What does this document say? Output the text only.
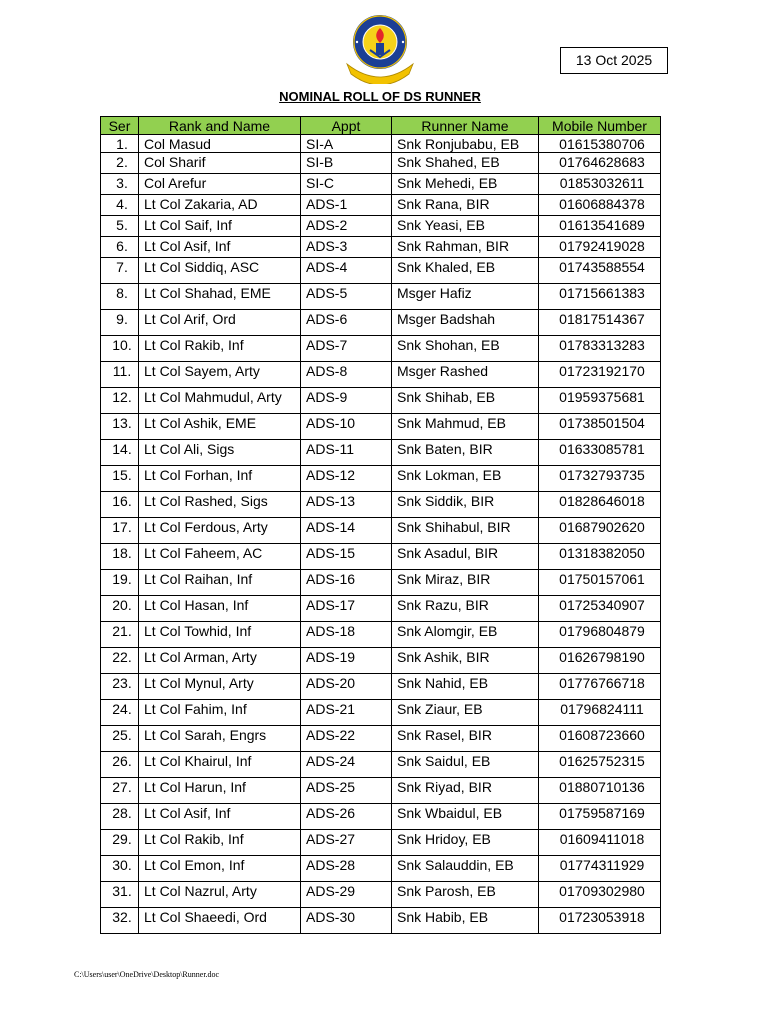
13 Oct 2025
NOMINAL ROLL OF DS RUNNER
Ser	Rank and Name	Appt	Runner Name	Mobile Number
1.	Col Masud	SI-A	Snk Ronjubabu, EB	01615380706
2.	Col Sharif	SI-B	Snk Shahed, EB	01764628683
3.	Col Arefur	SI-C	Snk Mehedi, EB	01853032611
4.	Lt Col Zakaria, AD	ADS-1	Snk Rana, BIR	01606884378
5.	Lt Col Saif, Inf	ADS-2	Snk Yeasi, EB	01613541689
6.	Lt Col Asif, Inf	ADS-3	Snk Rahman, BIR	01792419028
7.	Lt Col Siddiq, ASC	ADS-4	Snk Khaled, EB	01743588554
8.	Lt Col Shahad, EME	ADS-5	Msger Hafiz	01715661383
9.	Lt Col Arif, Ord	ADS-6	Msger Badshah	01817514367
10.	Lt Col Rakib, Inf	ADS-7	Snk Shohan, EB	01783313283
11.	Lt Col Sayem, Arty	ADS-8	Msger Rashed	01723192170
12.	Lt Col Mahmudul, Arty	ADS-9	Snk Shihab, EB	01959375681
13.	Lt Col Ashik, EME	ADS-10	Snk Mahmud, EB	01738501504
14.	Lt Col Ali, Sigs	ADS-11	Snk Baten, BIR	01633085781
15.	Lt Col Forhan, Inf	ADS-12	Snk Lokman, EB	01732793735
16.	Lt Col Rashed, Sigs	ADS-13	Snk Siddik, BIR	01828646018
17.	Lt Col Ferdous, Arty	ADS-14	Snk Shihabul, BIR	01687902620
18.	Lt Col Faheem, AC	ADS-15	Snk Asadul, BIR	01318382050
19.	Lt Col Raihan, Inf	ADS-16	Snk Miraz, BIR	01750157061
20.	Lt Col Hasan, Inf	ADS-17	Snk Razu, BIR	01725340907
21.	Lt Col Towhid, Inf	ADS-18	Snk Alomgir, EB	01796804879
22.	Lt Col Arman, Arty	ADS-19	Snk Ashik, BIR	01626798190
23.	Lt Col Mynul, Arty	ADS-20	Snk Nahid, EB	01776766718
24.	Lt Col Fahim, Inf	ADS-21	Snk Ziaur, EB	01796824111
25.	Lt Col Sarah, Engrs	ADS-22	Snk Rasel, BIR	01608723660
26.	Lt Col Khairul, Inf	ADS-24	Snk Saidul, EB	01625752315
27.	Lt Col Harun, Inf	ADS-25	Snk Riyad, BIR	01880710136
28.	Lt Col Asif, Inf	ADS-26	Snk Wbaidul, EB	01759587169
29.	Lt Col Rakib, Inf	ADS-27	Snk Hridoy, EB	01609411018
30.	Lt Col Emon, Inf	ADS-28	Snk Salauddin, EB	01774311929
31.	Lt Col Nazrul, Arty	ADS-29	Snk Parosh, EB	01709302980
32.	Lt Col Shaeedi, Ord	ADS-30	Snk Habib, EB	01723053918
C:\Users\user\OneDrive\Desktop\Runner.doc
